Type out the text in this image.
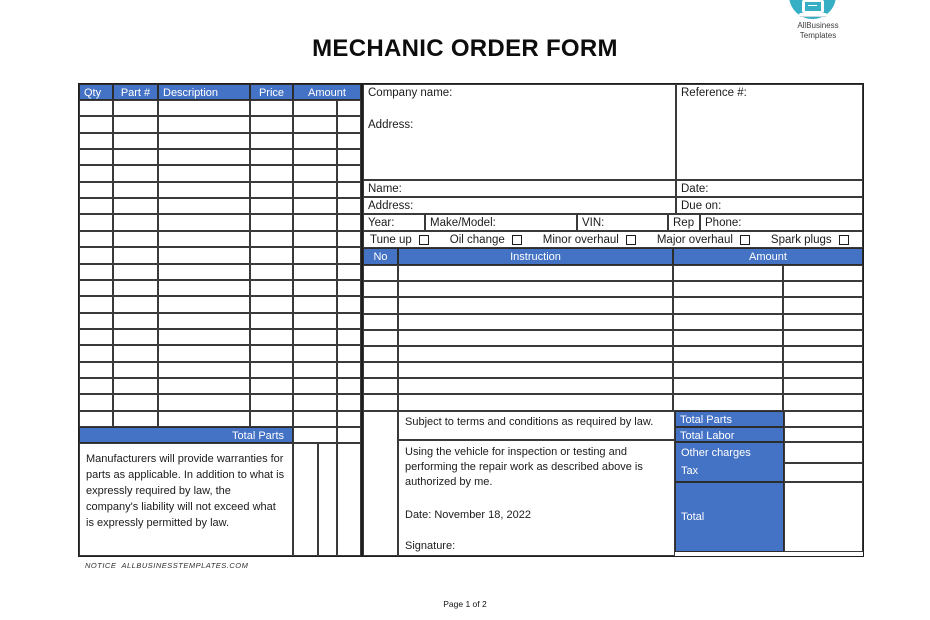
AllBusiness
Templates
MECHANIC ORDER FORM
Qty	Part #	Description	Price	Amount
Total Parts
Manufacturers will provide warranties for parts as applicable. In addition to what is expressly required by law, the company's liability will not exceed what is expressly permitted by law.
Company name:
Address:
Reference #:
Name:	Date:
Address:	Due on:
Year:	Make/Model:	VIN:	Rep Phone:
Tune up	Oil change	Minor overhaul	Major overhaul	Spark plugs
No	Instruction	Amount
Subject to terms and conditions as required by law.
Using the vehicle for inspection or testing and performing the repair work as described above is authorized by me.
Date: November 18, 2022
Signature:
Total Parts
Total Labor
Other charges
Tax
Total
NOTICE  ALLBUSINESSTEMPLATES.COM
Page 1 of 2
